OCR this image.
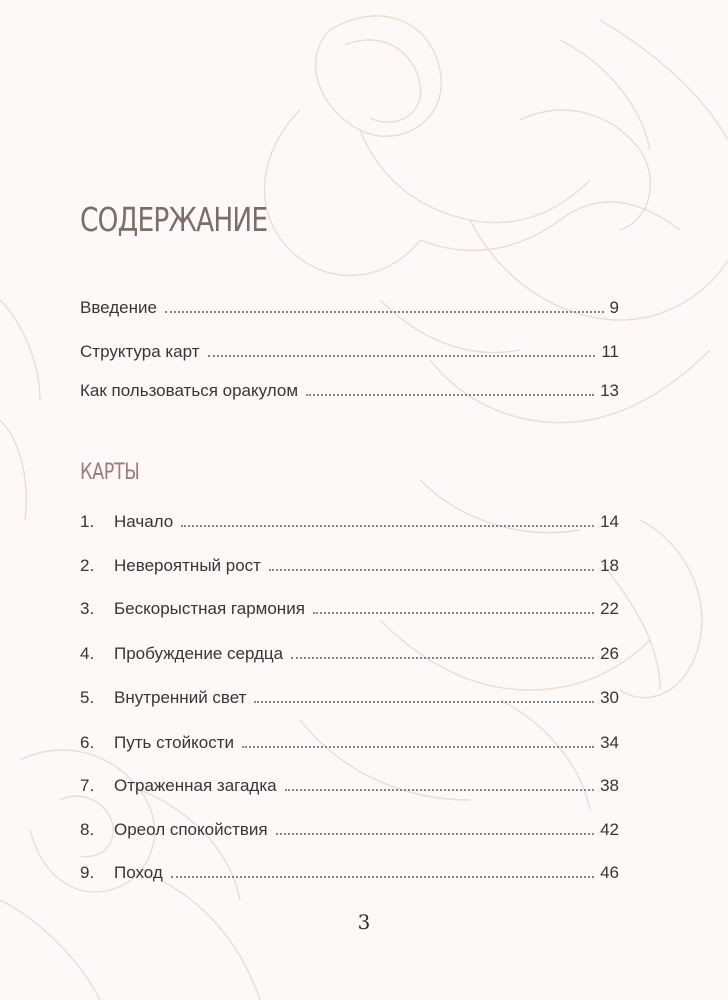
СОДЕРЖАНИЕ
Введение	9
Структура карт	11
Как пользоваться оракулом	13
КАРТЫ
1.	Начало	14
2.	Невероятный рост	18
3.	Бескорыстная гармония	22
4.	Пробуждение сердца	26
5.	Внутренний свет	30
6.	Путь стойкости	34
7.	Отраженная загадка	38
8.	Ореол спокойствия	42
9.	Поход	46
3
